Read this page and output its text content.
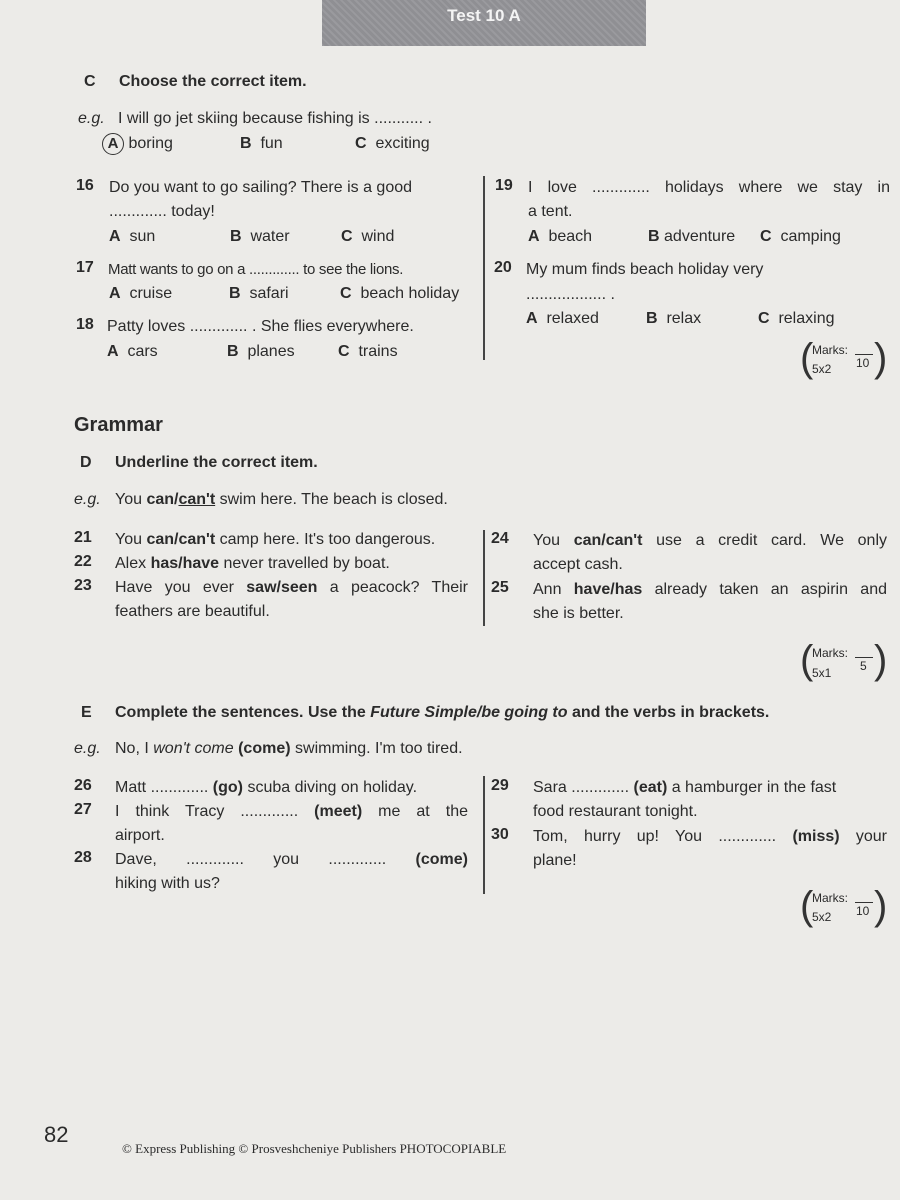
Test 10 A
C Choose the correct item.
e.g. I will go jet skiing because fishing is ........... .
A boring	B fun	C exciting
16 Do you want to go sailing? There is a good
............. today!
A sun	B water	C wind
17 Matt wants to go on a ............. to see the lions.
A cruise	B safari	C beach holiday
18 Patty loves ............. . She flies everywhere.
A cars	B planes	C trains
19 I love ............. holidays where we stay in
a tent.
A beach	B adventure C camping
20 My mum finds beach holiday very
.................. .
A relaxed	B relax	C relaxing
(
Marks:
10
5x2 )
Grammar
D Underline the correct item.
e.g. You can/can't swim here. The beach is closed.
21 You can/can't camp here. It's too dangerous.
22 Alex has/have never travelled by boat.
23 Have you ever saw/seen a peacock? Their
feathers are beautiful.
24 You can/can't use a credit card. We only
accept cash.
25 Ann have/has already taken an aspirin and
she is better.
(
Marks:
5
5x1 )
E Complete the sentences. Use the Future Simple/be going to and the verbs in brackets.
e.g. No, I won't come (come) swimming. I'm too tired.
26 Matt ............. (go) scuba diving on holiday.
27 I think Tracy ............. (meet) me at the
airport.
28 Dave, ............. you ............. (come)
hiking with us?
29 Sara ............. (eat) a hamburger in the fast
food restaurant tonight.
30 Tom, hurry up! You ............. (miss) your
plane!
(
Marks:
10
5x2 )
82
© Express Publishing © Prosveshcheniye Publishers PHOTOCOPIABLE
